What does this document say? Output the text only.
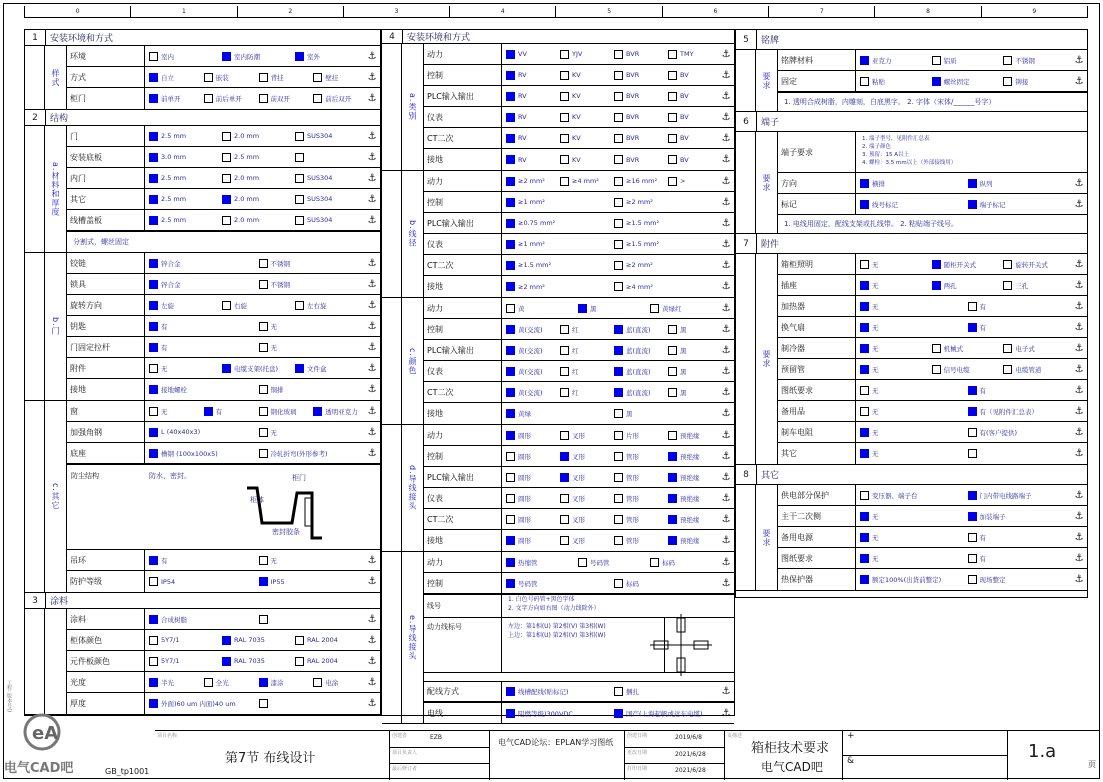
0	1	2	3	4	5	6	7	8	9
1	安装环境和方式
样式
环境	室内	室内防潮	室外	⚓
方式	自立	嵌装	背挂	壁挂	⚓
柜门	前单开	前后单开	前双开	前后双开	⚓
2	结构
a.材料和厚度
门	2.5 mm	2.0 mm	SUS304	⚓
安装底板	3.0 mm	2.5 mm	⚓
内门	2.5 mm	2.0 mm	SUS304	⚓
其它	2.5 mm	2.0 mm	SUS304	⚓
线槽盖板	2.5 mm	2.0 mm	SUS304	⚓
分割式，螺丝固定
b.门
铰链	锌合金	不锈钢	⚓
锁具	锌合金	不锈钢	⚓
旋转方向	左旋	右旋	左右旋	⚓
钥匙	有	无	⚓
门固定拉杆	有	无	⚓
附件	无	电缆支架(托盘)	文件盒	⚓
接地	接地螺栓	铜排	⚓
c.其它
窗	无	有	钢化玻璃	透明亚克力 ⚓
加强角钢	L (40x40x3)	无	⚓
底座	槽钢 (100x100x5)	冷轧折弯(外形参考)	⚓
防尘结构	防水，密封。	柜门
柜体
密封胶条
吊环	有	无	⚓
防护等级	IP54	IP55	⚓
3	涂料
涂料	合成树脂	⚓
柜体颜色	5Y7/1	RAL 7035	RAL 2004	⚓
元件板颜色	5Y7/1	RAL 7035	RAL 2004	⚓
光度	半光	全光	漆涂	电涂	⚓
厚度	外面)60 um 内面)40 um	⚓
4	安装环境和方式
a.类别
动力	VV	YJV	BVR	TMY	⚓
控制	RV	KV	BVR	BV	⚓
PLC输入输出	RV	KV	BVR	BV	⚓
仪表	RV	KV	BVR	BV	⚓
CT二次	RV	KV	BVR	BV	⚓
接地	RV	KV	BVR	BV	⚓
b.线径
动力	≥2 mm²	≥4 mm²	≥16 mm²	>	⚓
控制	≥1 mm²	≥2 mm²	⚓
PLC输入输出	≥0.75 mm²	≥1.5 mm²	⚓
仪表	≥1 mm²	≥1.5 mm²	⚓
CT二次	≥1.5 mm²	≥2 mm²	⚓
接地	≥2 mm²	≥4 mm²	⚓
c.颜色
动力	黄	黑	黄绿红	⚓
控制	黄(交流)	红	蓝(直流)	黑	⚓
PLC输入输出	黄(交流)	红	蓝(直流)	黑	⚓
仪表	黄(交流)	红	蓝(直流)	黑	⚓
CT二次	黄(交流)	红	蓝(直流)	黑	⚓
接地	黄绿	黑	⚓
d.导线接头
动力	圆形	叉形	片形	预绝缘	⚓
控制	圆形	叉形	管形	预绝缘	⚓
PLC输入输出	圆形	叉形	管形	预绝缘	⚓
仪表	圆形	叉形	管形	预绝缘	⚓
CT二次	圆形	叉形	管形	预绝缘	⚓
接地	圆形	叉形	管形	预绝缘	⚓
e.导线接头
动力	热缩管	号码管	标码	⚓
控制	号码管	标码	⚓
线号
1. 白色号码管+黑色字体
2. 文字方向如右图（动力线除外）
动力线标号	左边：第1相(U) 第2相(V) 第3相(W)
上边：第1相(U) 第2相(V) 第3相(W)
配线方式	线槽配线(贴标记)	捆扎	⚓
电线	阻燃等级)300VDC	国产(上海起帆或远东电缆)	⚓
5	铭牌
要求
铭牌材料	亚克力	铝质	不锈钢	⚓
固定	粘贴	螺丝固定	铆接	⚓
1. 透明合成树脂，内雕刻，白底黑字。 2. 字体（宋体/______号字）
6	端子
要求
端子要求
1. 端子型号，见附件汇总表
2. 端子颜色
3. 预留：15 A以上
4. 螺栓：3.5 mm以上（外部接线用）
方向	横排	纵列	⚓
标记	线号标记	端子标记	⚓
1. 电线用固定，配线支架或扎线带。 2. 粘贴端子线号。
7	附件
要求
箱柜照明	无	随柜开关式	旋转开关式	⚓
插座	无	两孔	三孔	⚓
加热器	无	有	⚓
换气扇	无	有	⚓
制冷器	无	机械式	电子式	⚓
预留管	无	信号电缆	电缆管道	⚓
图纸要求	无	有	⚓
备用品	无	有（见附件汇总表）	⚓
制车电阻	无	有(客户提供)	⚓
其它	无	⚓
8	其它
要求
供电部分保护	变压器、端子台	门内带电线路端子	⚓
主干二次侧	无	加装端子	⚓
备用电源	无	有	⚓
图纸要求	无	有	⚓
热保护器	额定100%(出货前整定)	现场整定	⚓
工程: 版本号()
eA
电气CAD吧
项目名称
第7节 布线设计
GB_tp1001
创建者	EZB
项目负责人
最后修订者
电气CAD论坛：EPLAN学习图纸
创建日期	2019/6/8
更改日期	2021/6/28
打印日期	2021/6/28
页描述
箱柜技术要求
电气CAD吧
+
&	1.a
页
